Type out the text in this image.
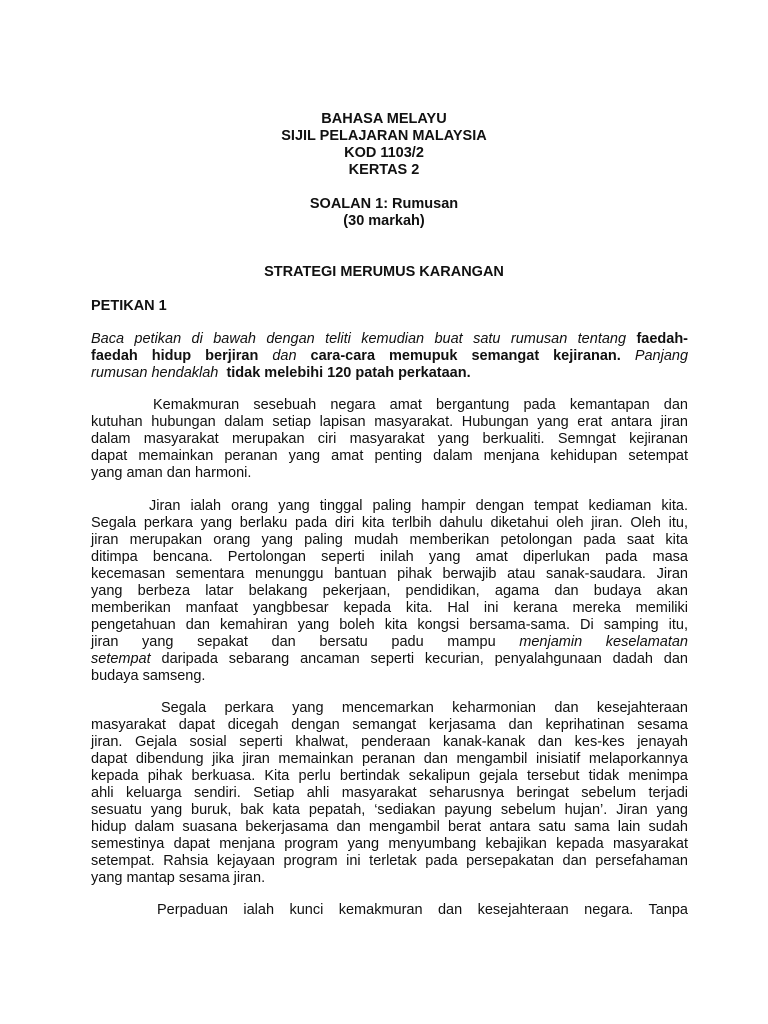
BAHASA MELAYU
SIJIL PELAJARAN MALAYSIA
KOD 1103/2
KERTAS 2
SOALAN 1: Rumusan
(30 markah)
STRATEGI MERUMUS KARANGAN
PETIKAN 1
Baca petikan di bawah dengan teliti kemudian buat satu rumusan tentang faedah-
faedah hidup berjiran dan cara-cara memupuk semangat kejiranan. Panjang
rumusan hendaklah tidak melebihi 120 patah perkataan.
Kemakmuran sesebuah negara amat bergantung pada kemantapan dan
kutuhan hubungan dalam setiap lapisan masyarakat. Hubungan yang erat antara jiran
dalam masyarakat merupakan ciri masyarakat yang berkualiti. Semngat kejiranan
dapat memainkan peranan yang amat penting dalam menjana kehidupan setempat
yang aman dan harmoni.
Jiran ialah orang yang tinggal paling hampir dengan tempat kediaman kita.
Segala perkara yang berlaku pada diri kita terlbih dahulu diketahui oleh jiran. Oleh itu,
jiran merupakan orang yang paling mudah memberikan petolongan pada saat kita
ditimpa bencana. Pertolongan seperti inilah yang amat diperlukan pada masa
kecemasan sementara menunggu bantuan pihak berwajib atau sanak-saudara. Jiran
yang berbeza latar belakang pekerjaan, pendidikan, agama dan budaya akan
memberikan manfaat yangbbesar kepada kita. Hal ini kerana mereka memiliki
pengetahuan dan kemahiran yang boleh kita kongsi bersama-sama. Di samping itu,
jiran yang sepakat dan bersatu padu mampu menjamin keselamatan
setempat daripada sebarang ancaman seperti kecurian, penyalahgunaan dadah dan
budaya samseng.
Segala perkara yang mencemarkan keharmonian dan kesejahteraan
masyarakat dapat dicegah dengan semangat kerjasama dan keprihatinan sesama
jiran. Gejala sosial seperti khalwat, penderaan kanak-kanak dan kes-kes jenayah
dapat dibendung jika jiran memainkan peranan dan mengambil inisiatif melaporkannya
kepada pihak berkuasa. Kita perlu bertindak sekalipun gejala tersebut tidak menimpa
ahli keluarga sendiri. Setiap ahli masyarakat seharusnya beringat sebelum terjadi
sesuatu yang buruk, bak kata pepatah, ‘sediakan payung sebelum hujan’. Jiran yang
hidup dalam suasana bekerjasama dan mengambil berat antara satu sama lain sudah
semestinya dapat menjana program yang menyumbang kebajikan kepada masyarakat
setempat. Rahsia kejayaan program ini terletak pada persepakatan dan persefahaman
yang mantap sesama jiran.
Perpaduan ialah kunci kemakmuran dan kesejahteraan negara. Tanpa
